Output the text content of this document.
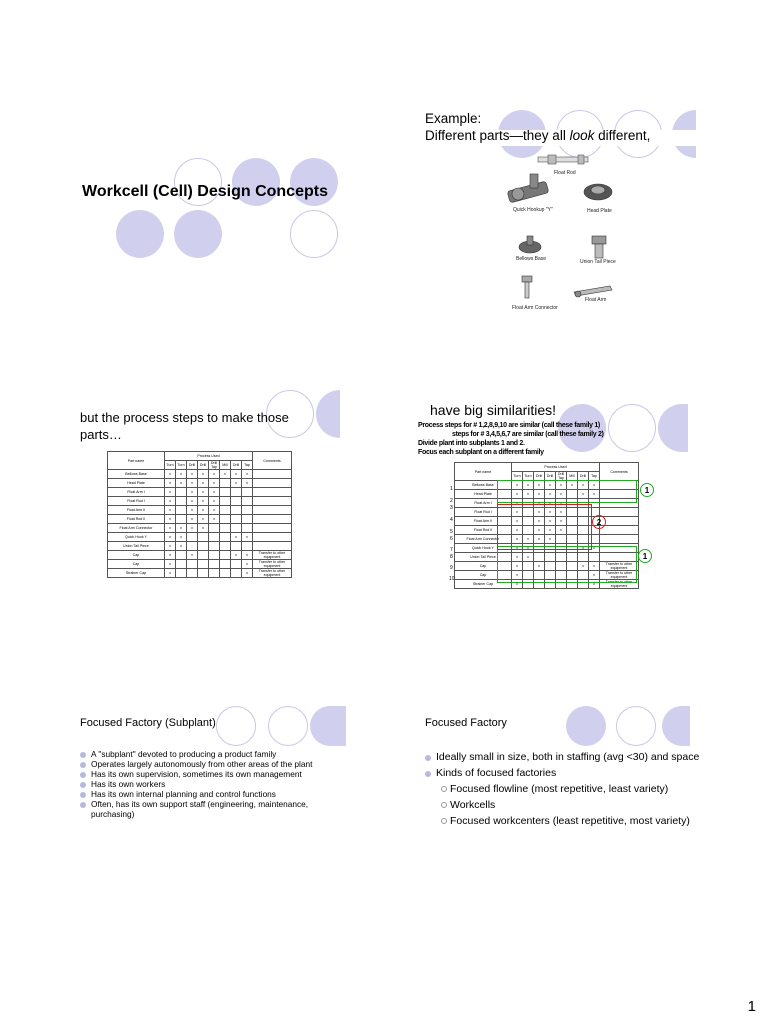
Workcell (Cell) Design Concepts
Example:
Different parts—they all look different,
Float Rod
Quick Hookup "Y"	Head Plate
Bellows Base	Union Tail Piece
Float Arm Connector
Float Arm
but the process steps to make those parts…
Part name	Process Used								Comments
	Turn	Turn	Drill	Drill	Drill Tap	Mill	Drill	Tap	
Bellows Base	x	x	x	x	x	x	x	x	
Head Plate	x	x	x	x	x		x	x	
Float Arm I	x		x	x	x				
Float Rod I	x		x	x	x				
Float Arm II	x		x	x	x				
Float Rod II	x		x	x	x				
Float Arm Connector	x	x	x	x					
Quick Hook Y	x	x					x	x	
Union Tail Piece	x	x							
Cap	x		x				x	x	Transfer to other equipment
Cap	x							x	Transfer to other equipment
Strainer Cap	x							x	Transfer to other equipment
have big similarities!
Process steps for # 1,2,8,9,10 are similar (call these family 1)
steps for # 3,4,5,6,7 are similar (call these family 2)
Divide plant into subplants 1 and 2.
Focus each subplant on a different family
Part name	Process Used								Comments
	Turn	Turn	Drill	Drill	Drill Tap	Mill	Drill	Tap	
Bellows Base	x	x	x	x	x	x	x	x	
Head Plate	x	x	x	x	x		x	x	
Float Arm I	x		x	x	x				
Float Rod I	x		x	x	x				
Float Arm II	x		x	x	x				
Float Rod II	x		x	x	x				
Float Arm Connector	x	x	x	x					
Quick Hook Y	x	x					x	x	
Union Tail Piece	x	x							
Cap	x		x				x	x	Transfer to other equipment
Cap	x							x	Transfer to other equipment
Strainer Cap	x							x	Transfer to other equipment
1
2
3
4
5
6
7
8
9
10
1
2
1
Focused Factory (Subplant)
A "subplant" devoted to producing a product family
Operates largely autonomously from other areas of the plant
Has its own supervision, sometimes its own management
Has its own workers
Has its own internal planning and control functions
Often, has its own support staff (engineering, maintenance, purchasing)
Focused Factory
Ideally small in size, both in staffing (avg <30) and space
Kinds of focused factories
Focused flowline (most repetitive, least variety)
Workcells
Focused workcenters (least repetitive, most variety)
1
